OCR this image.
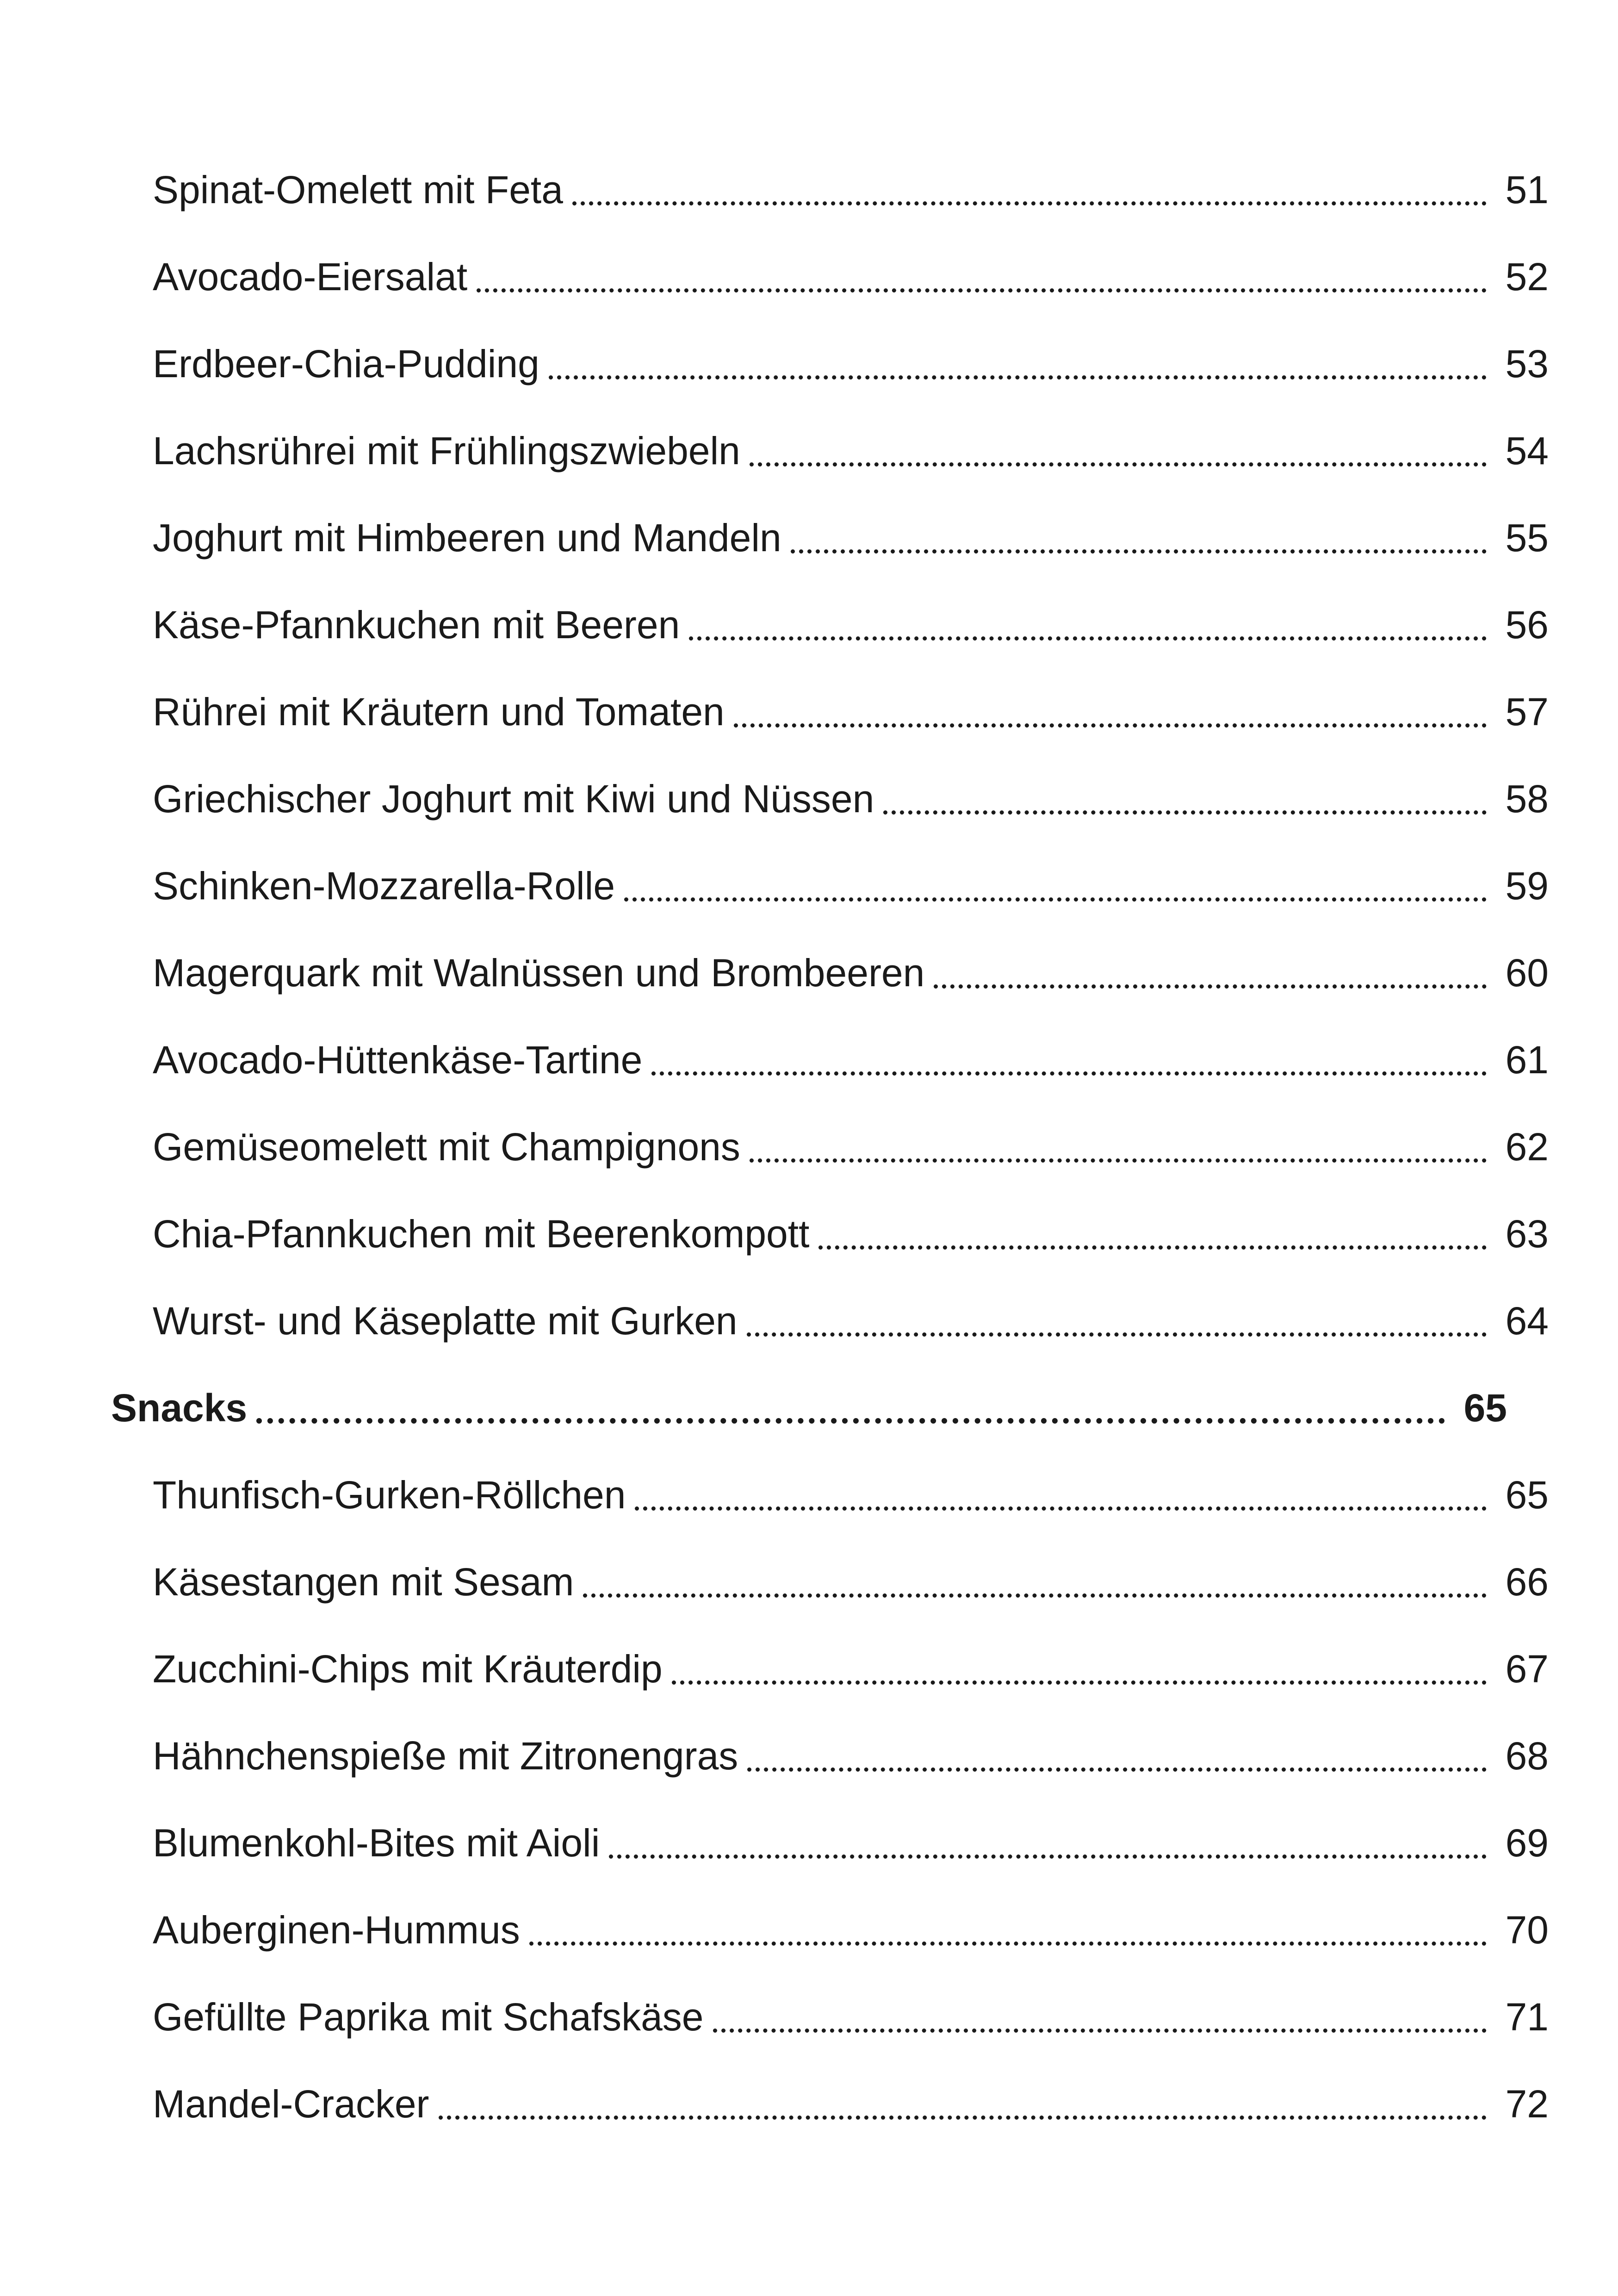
Spinat-Omelett mit Feta	51
Avocado-Eiersalat	52
Erdbeer-Chia-Pudding	53
Lachsrührei mit Frühlingszwiebeln	54
Joghurt mit Himbeeren und Mandeln	55
Käse-Pfannkuchen mit Beeren	56
Rührei mit Kräutern und Tomaten	57
Griechischer Joghurt mit Kiwi und Nüssen	58
Schinken-Mozzarella-Rolle	59
Magerquark mit Walnüssen und Brombeeren	60
Avocado-Hüttenkäse-Tartine	61
Gemüseomelett mit Champignons	62
Chia-Pfannkuchen mit Beerenkompott	63
Wurst- und Käseplatte mit Gurken	64
Snacks	65
Thunfisch-Gurken-Röllchen	65
Käsestangen mit Sesam	66
Zucchini-Chips mit Kräuterdip	67
Hähnchenspieße mit Zitronengras	68
Blumenkohl-Bites mit Aioli	69
Auberginen-Hummus	70
Gefüllte Paprika mit Schafskäse	71
Mandel-Cracker	72
